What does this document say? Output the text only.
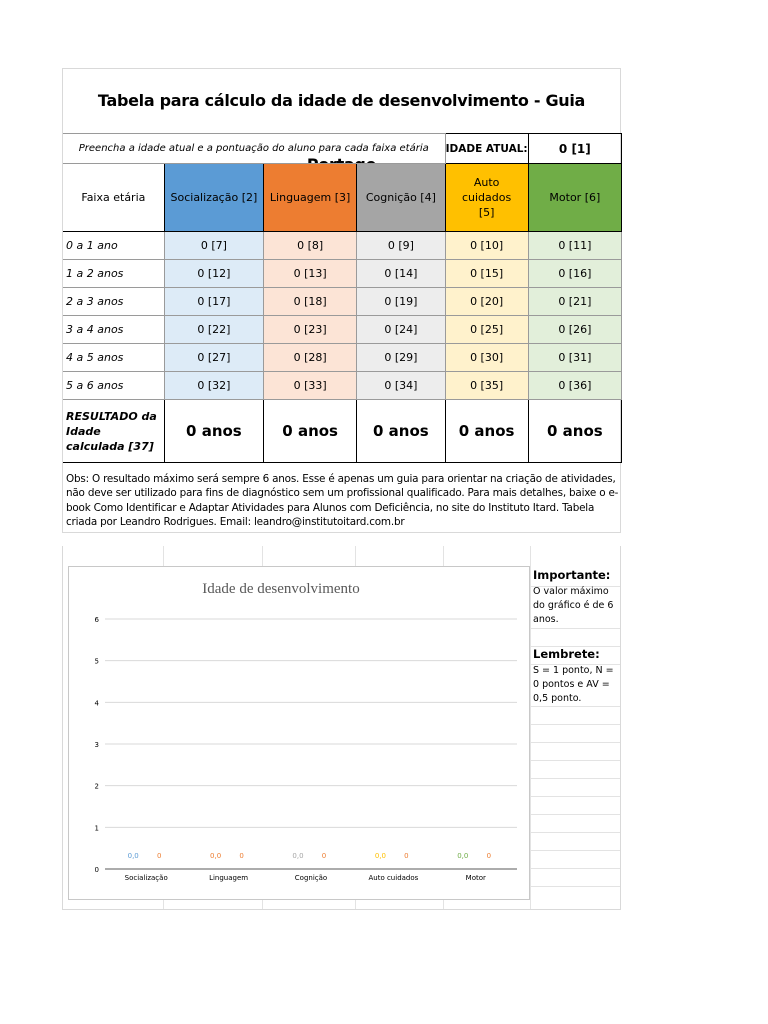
Tabela para cálculo da idade de desenvolvimento - Guia
Preencha a idade atual e a pontuação do aluno para cada faixa etária				IDADE ATUAL:	0 [1]
Faixa etária	Socialização [2]	Linguagem [3]	Cognição [4]	Auto cuidados [5]	Motor [6]
0 a 1 ano	0 [7]	0 [8]	0 [9]	0 [10]	0 [11]
1 a 2 anos	0 [12]	0 [13]	0 [14]	0 [15]	0 [16]
2 a 3 anos	0 [17]	0 [18]	0 [19]	0 [20]	0 [21]
3 a 4 anos	0 [22]	0 [23]	0 [24]	0 [25]	0 [26]
4 a 5 anos	0 [27]	0 [28]	0 [29]	0 [30]	0 [31]
5 a 6 anos	0 [32]	0 [33]	0 [34]	0 [35]	0 [36]

RESULTADO da Idade calculada [37]	0 anos	0 anos	0 anos	0 anos	0 anos
Obs: O resultado máximo será sempre 6 anos. Esse é apenas um guia para orientar na criação de atividades, não deve ser utilizado para fins de diagnóstico sem um profissional qualificado. Para mais detalhes, baixe o e-book Como Identificar e Adaptar Atividades para Alunos com Deficiência, no site do Instituto Itard. Tabela criada por Leandro Rodrigues. Email: leandro@institutoitard.com.br
Importante:
O valor máximo do gráfico é de 6 anos.
Lembrete:
S = 1 ponto, N = 0 pontos e AV = 0,5 ponto.
Idade de desenvolvimento
0
1
2
3
4
5
6
Socialização
0,0	0
Linguagem
0,0	0
Cognição
0,0	0
Auto cuidados
0,0	0
Motor
0,0	0
